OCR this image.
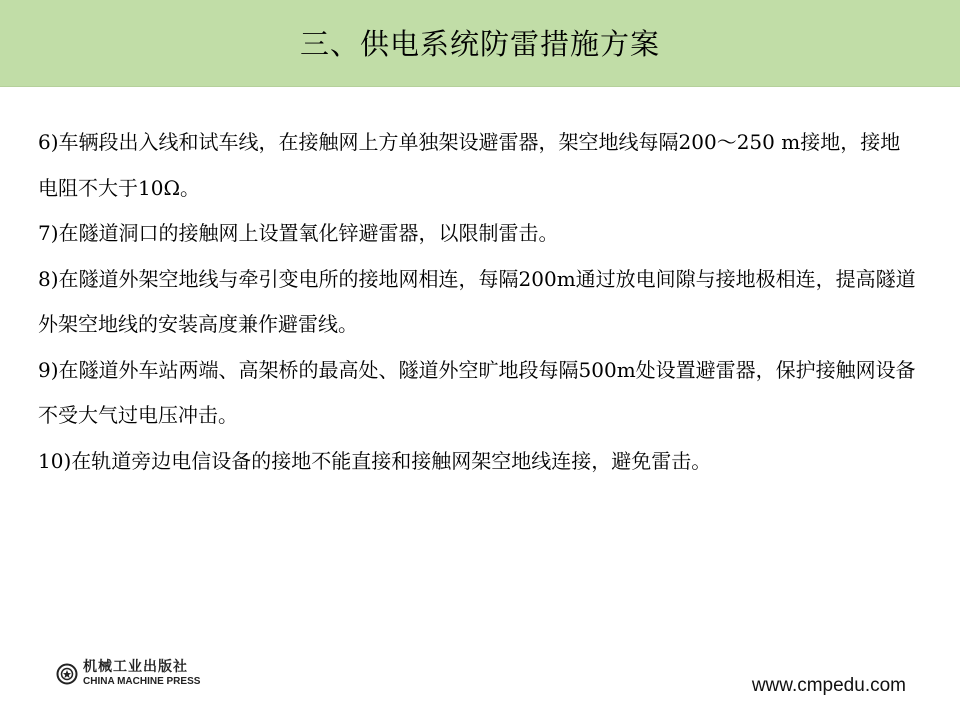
三、供电系统防雷措施方案

6)车辆段出入线和试车线，在接触网上方单独架设避雷器，架空地线每隔200～250 m接地，接地电阻不大于10Ω。

7)在隧道洞口的接触网上设置氧化锌避雷器，以限制雷击。

8)在隧道外架空地线与牵引变电所的接地网相连，每隔200m通过放电间隙与接地极相连，提高隧道外架空地线的安装高度兼作避雷线。

9)在隧道外车站两端、高架桥的最高处、隧道外空旷地段每隔500m处设置避雷器，保护接触网设备不受大气过电压冲击。

10)在轨道旁边电信设备的接地不能直接和接触网架空地线连接，避免雷击。

机械工业出版社
CHINA MACHINE PRESS	www.cmpedu.com
